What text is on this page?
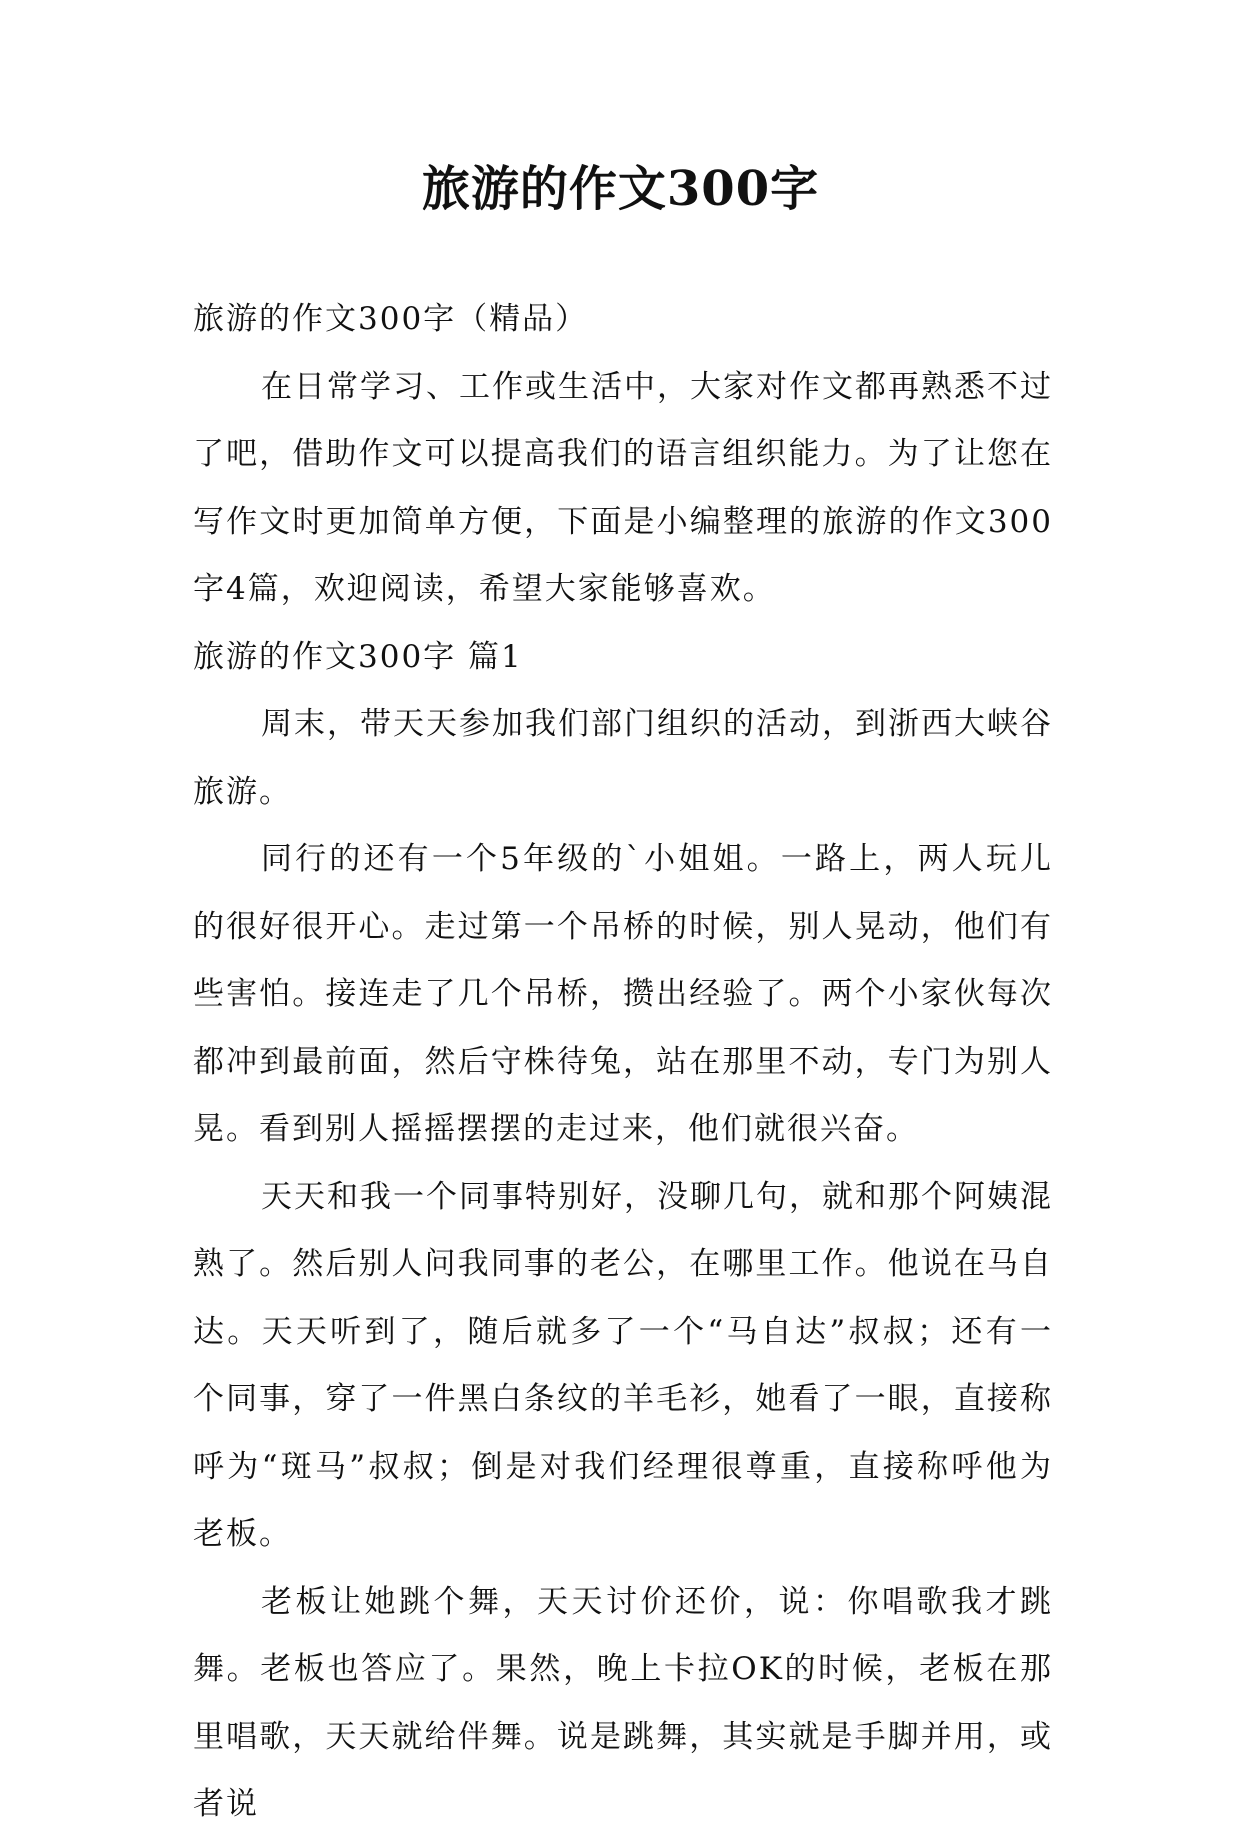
旅游的作文300字

旅游的作文300字（精品）

在日常学习、工作或生活中，大家对作文都再熟悉不过了吧，借助作文可以提高我们的语言组织能力。为了让您在写作文时更加简单方便，下面是小编整理的旅游的作文300字4篇，欢迎阅读，希望大家能够喜欢。

旅游的作文300字 篇1

周末，带天天参加我们部门组织的活动，到浙西大峡谷旅游。

同行的还有一个5年级的`小姐姐。一路上，两人玩儿的很好很开心。走过第一个吊桥的时候，别人晃动，他们有些害怕。接连走了几个吊桥，攒出经验了。两个小家伙每次都冲到最前面，然后守株待兔，站在那里不动，专门为别人晃。看到别人摇摇摆摆的走过来，他们就很兴奋。

天天和我一个同事特别好，没聊几句，就和那个阿姨混熟了。然后别人问我同事的老公，在哪里工作。他说在马自达。天天听到了，随后就多了一个“马自达”叔叔；还有一个同事，穿了一件黑白条纹的羊毛衫，她看了一眼，直接称呼为“斑马”叔叔；倒是对我们经理很尊重，直接称呼他为老板。

老板让她跳个舞，天天讨价还价，说：你唱歌我才跳舞。老板也答应了。果然，晚上卡拉OK的时候，老板在那里唱歌，天天就给伴舞。说是跳舞，其实就是手脚并用，或者说
